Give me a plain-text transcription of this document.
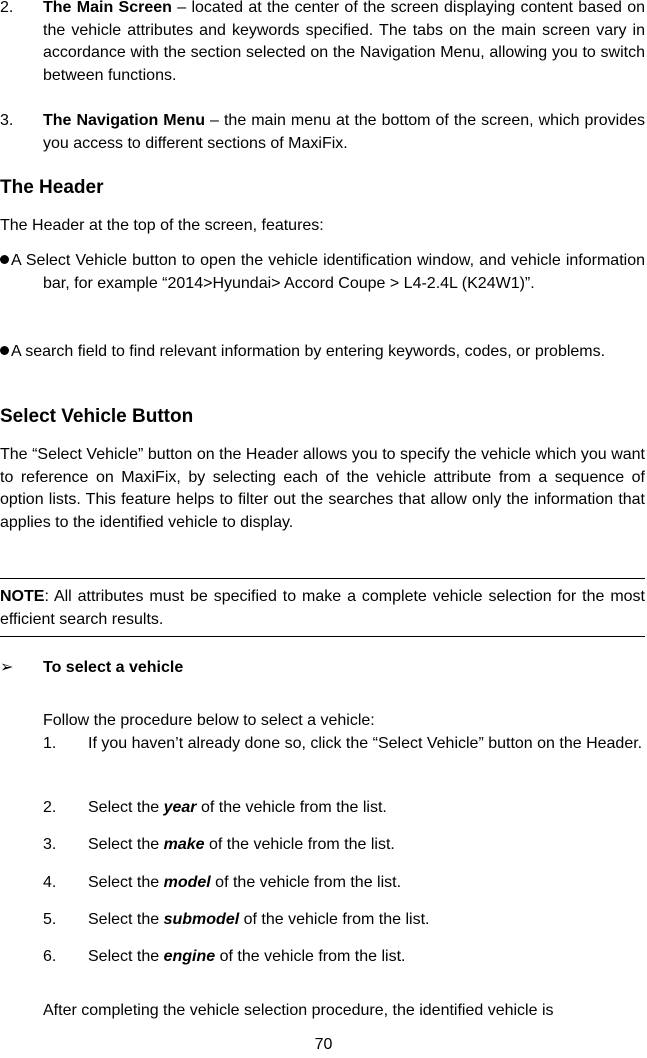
2. The Main Screen – located at the center of the screen displaying content based on the vehicle attributes and keywords specified. The tabs on the main screen vary in accordance with the section selected on the Navigation Menu, allowing you to switch between functions.
3. The Navigation Menu – the main menu at the bottom of the screen, which provides you access to different sections of MaxiFix.
The Header

The Header at the top of the screen, features:

A Select Vehicle button to open the vehicle identification window, and vehicle information bar, for example “2014>Hyundai> Accord Coupe > L4-2.4L (K24W1)”.
A search field to find relevant information by entering keywords, codes, or problems.
Select Vehicle Button

The “Select Vehicle” button on the Header allows you to specify the vehicle which you want to reference on MaxiFix, by selecting each of the vehicle attribute from a sequence of option lists. This feature helps to filter out the searches that allow only the information that applies to the identified vehicle to display.

NOTE: All attributes must be specified to make a complete vehicle selection for the most efficient search results.
➢ To select a vehicle

Follow the procedure below to select a vehicle:

1. If you haven’t already done so, click the “Select Vehicle” button on the Header.
2. Select the year of the vehicle from the list.
3. Select the make of the vehicle from the list.
4. Select the model of the vehicle from the list.
5. Select the submodel of the vehicle from the list.
6. Select the engine of the vehicle from the list.

After completing the vehicle selection procedure, the identified vehicle is

70
